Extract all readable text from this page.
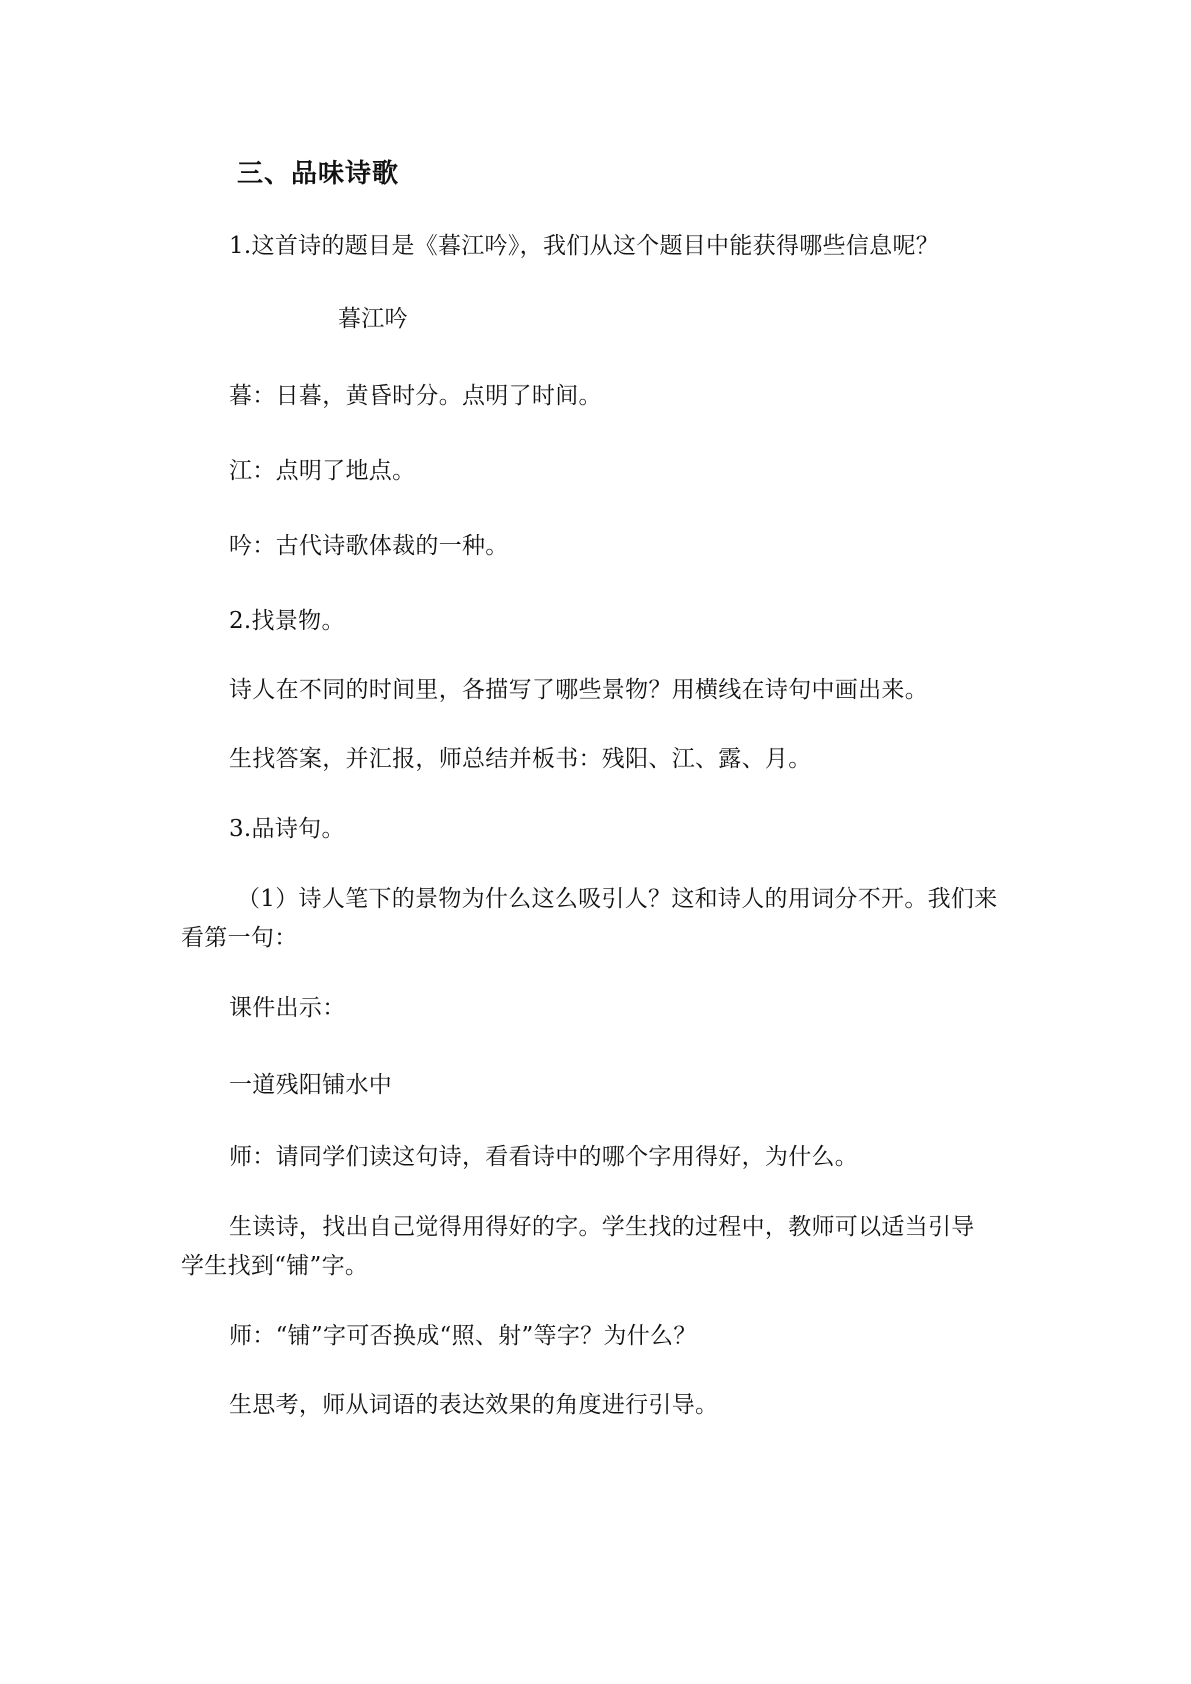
三、品味诗歌
1.这首诗的题目是《暮江吟》，我们从这个题目中能获得哪些信息呢？
暮江吟
暮：日暮，黄昏时分。点明了时间。
江：点明了地点。
吟：古代诗歌体裁的一种。
2.找景物。
诗人在不同的时间里，各描写了哪些景物？用横线在诗句中画出来。
生找答案，并汇报，师总结并板书：残阳、江、露、月。
3.品诗句。
（1）诗人笔下的景物为什么这么吸引人？这和诗人的用词分不开。我们来
看第一句：
课件出示：
一道残阳铺水中
师：请同学们读这句诗，看看诗中的哪个字用得好，为什么。
生读诗，找出自己觉得用得好的字。学生找的过程中，教师可以适当引导
学生找到“铺”字。
师：“铺”字可否换成“照、射”等字？为什么？
生思考，师从词语的表达效果的角度进行引导。
